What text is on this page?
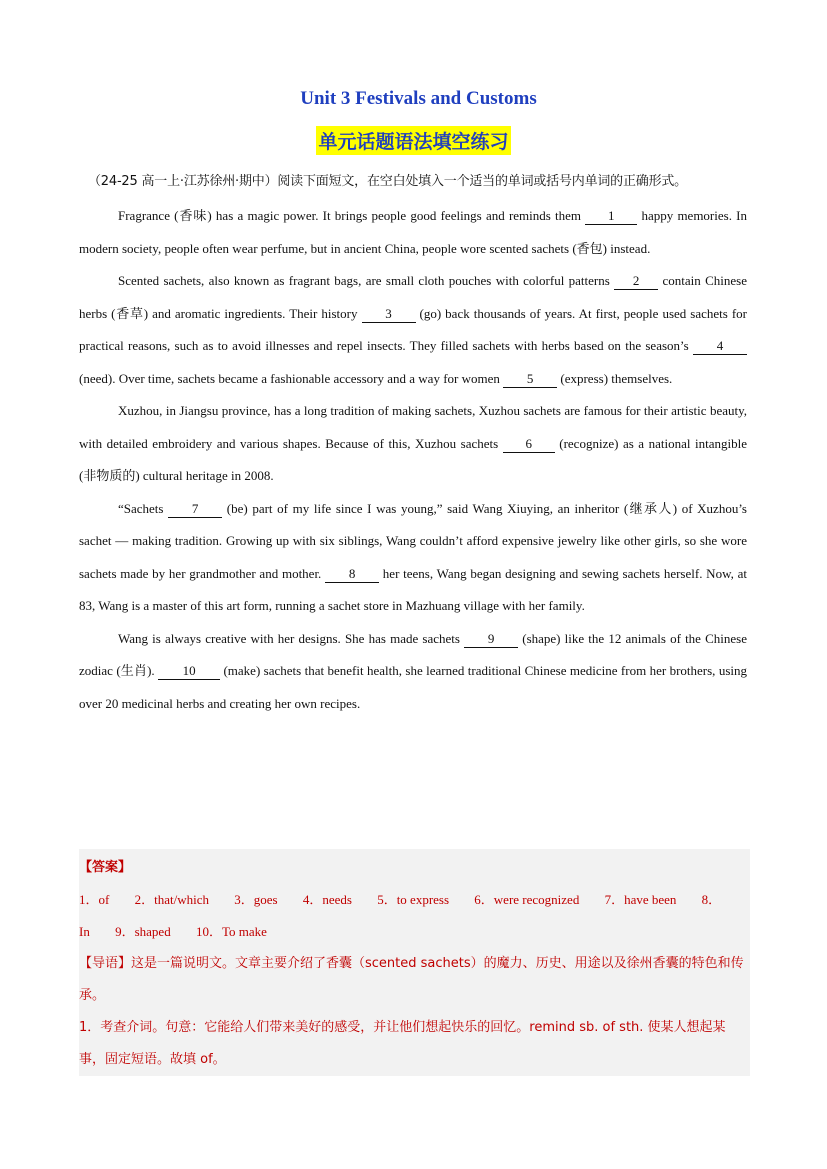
Unit 3 Festivals and Customs
单元话题语法填空练习
（24-25 高一上·江苏徐州·期中）阅读下面短文，在空白处填入一个适当的单词或括号内单词的正确形式。

Fragrance (香味) has a magic power. It brings people good feelings and reminds them 1 happy memories. In modern society, people often wear perfume, but in ancient China, people wore scented sachets (香包) instead.

Scented sachets, also known as fragrant bags, are small cloth pouches with colorful patterns 2 contain Chinese herbs (香草) and aromatic ingredients. Their history 3 (go) back thousands of years. At first, people used sachets for practical reasons, such as to avoid illnesses and repel insects. They filled sachets with herbs based on the season’s 4 (need). Over time, sachets became a fashionable accessory and a way for women 5 (express) themselves.

Xuzhou, in Jiangsu province, has a long tradition of making sachets, Xuzhou sachets are famous for their artistic beauty, with detailed embroidery and various shapes. Because of this, Xuzhou sachets 6 (recognize) as a national intangible (非物质的) cultural heritage in 2008.

“Sachets 7 (be) part of my life since I was young,” said Wang Xiuying, an inheritor (继承人) of Xuzhou’s sachet — making tradition. Growing up with six siblings, Wang couldn’t afford expensive jewelry like other girls, so she wore sachets made by her grandmother and mother. 8 her teens, Wang began designing and sewing sachets herself. Now, at 83, Wang is a master of this art form, running a sachet store in Mazhuang village with her family.

Wang is always creative with her designs. She has made sachets 9 (shape) like the 12 animals of the Chinese zodiac (生肖). 10 (make) sachets that benefit health, she learned traditional Chinese medicine from her brothers, using over 20 medicinal herbs and creating her own recipes.

【答案】
1．of 2．that/which 3．goes 4．needs 5．to express 6．were recognized 7．have been 8．In 9．shaped 10．To make
【导语】这是一篇说明文。文章主要介绍了香囊（scented sachets）的魔力、历史、用途以及徐州香囊的特色和传承。
1．考查介词。句意：它能给人们带来美好的感受，并让他们想起快乐的回忆。remind sb. of sth. 使某人想起某事，固定短语。故填 of。
